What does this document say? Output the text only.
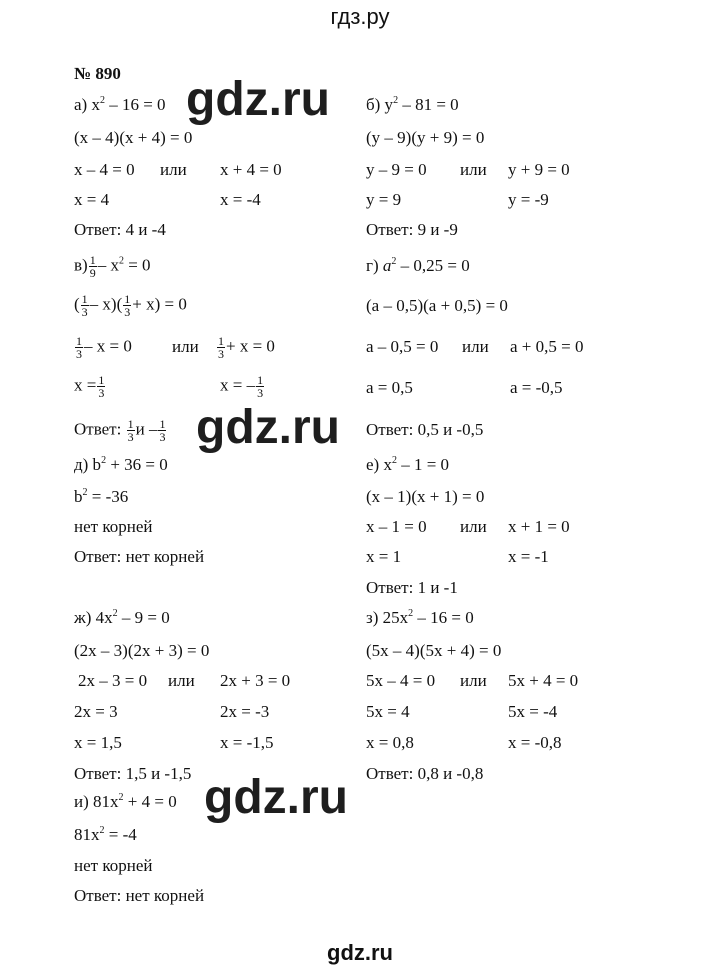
гдз.ру
№ 890 gdz.ru
gdz.ru
gdz.ru
а) $x^2 - 16 = 0$
(x – 4)(x + 4) = 0
x – 4 = 0 или x + 4 = 0
x = 4	x = -4
Ответ: 4 и -4
б) $y^2 - 81 = 0$
(y – 9)(y + 9) = 0
y – 9 = 0 или y + 9 = 0
y = 9	y = -9
Ответ: 9 и -9
$в) \frac{1}{9} - x^2 = 0$
( $\frac{1}{3} - x)( \frac{1}{3} + x) = 0$
$\frac{1}{3} - x = 0$ или $\frac{1}{3} + x = 0$
$x = \frac{1}{3}$	x = – $\frac{1}{3}$
Ответ: $\frac{1}{3}$ и – $\frac{1}{3}$
г) $a^2 - 0,25 = 0$
(a – 0,5)(a + 0,5) = 0
a – 0,5 = 0 или a + 0,5 = 0
a = 0,5	a = -0,5
Ответ: 0,5 и -0,5
д) $b^2 + 36 = 0$
$b^2 = -36$
нет корней
Ответ: нет корней
е) $x^2 - 1 = 0$
(x – 1)(x + 1) = 0
x – 1 = 0 или x + 1 = 0
x = 1	x = -1
Ответ: 1 и -1
ж) $4x^2 - 9 = 0$
(2x – 3)(2x + 3) = 0
2x – 3 = 0 или 2x + 3 = 0
2x = 3	2x = -3
x = 1,5	x = -1,5
Ответ: 1,5 и -1,5
з) $25x^2 - 16 = 0$
(5x – 4)(5x + 4) = 0
5x – 4 = 0 или 5x + 4 = 0
5x = 4	5x = -4
x = 0,8	x = -0,8
Ответ: 0,8 и -0,8
и) $81x^2 + 4 = 0$
$81x^2 = -4$
нет корней
Ответ: нет корней
gdz.ru
